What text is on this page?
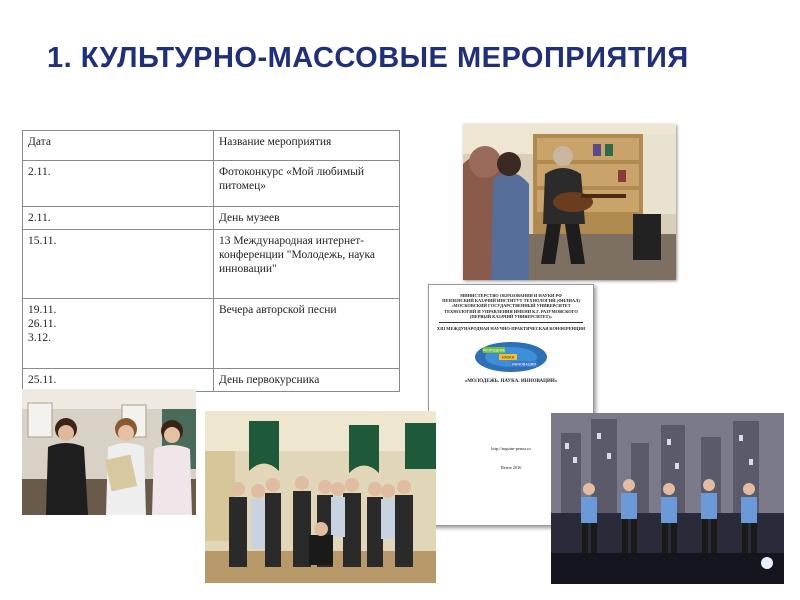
1. КУЛЬТУРНО-МАССОВЫЕ МЕРОПРИЯТИЯ
Дата	Название мероприятия
2.11.	Фотоконкурс «Мой любимый питомец»
2.11.	День музеев
15.11.	13 Международная интернет-конференции "Молодежь, наука инновации"
19.11.
26.11.
3.12.	Вечера авторской песни
25.11.	День первокурсника
МИНИСТЕРСТВО ОБРАЗОВАНИЯ И НАУКИ РФ
ПЕНЗЕНСКИЙ КАЗАЧИЙ ИНСТИТУТ ТЕХНОЛОГИЙ (ФИЛИАЛ)
«МОСКОВСКИЙ ГОСУДАРСТВЕННЫЙ УНИВЕРСИТЕТ
ТЕХНОЛОГИЙ И УПРАВЛЕНИЯ ИМЕНИ К.Г. РАЗУМОВСКОГО
(ПЕРВЫЙ КАЗАЧИЙ УНИВЕРСИТЕТ)»
XIII МЕЖДУНАРОДНАЯ НАУЧНО-ПРАКТИЧЕСКАЯ КОНФЕРЕНЦИЯ
МОЛОДЕЖЬ
НАУКА
ИННОВАЦИИ
«МОЛОДЕЖЬ. НАУКА. ИННОВАЦИИ»
http://mgutm-penza.ru
Пенза 2016
